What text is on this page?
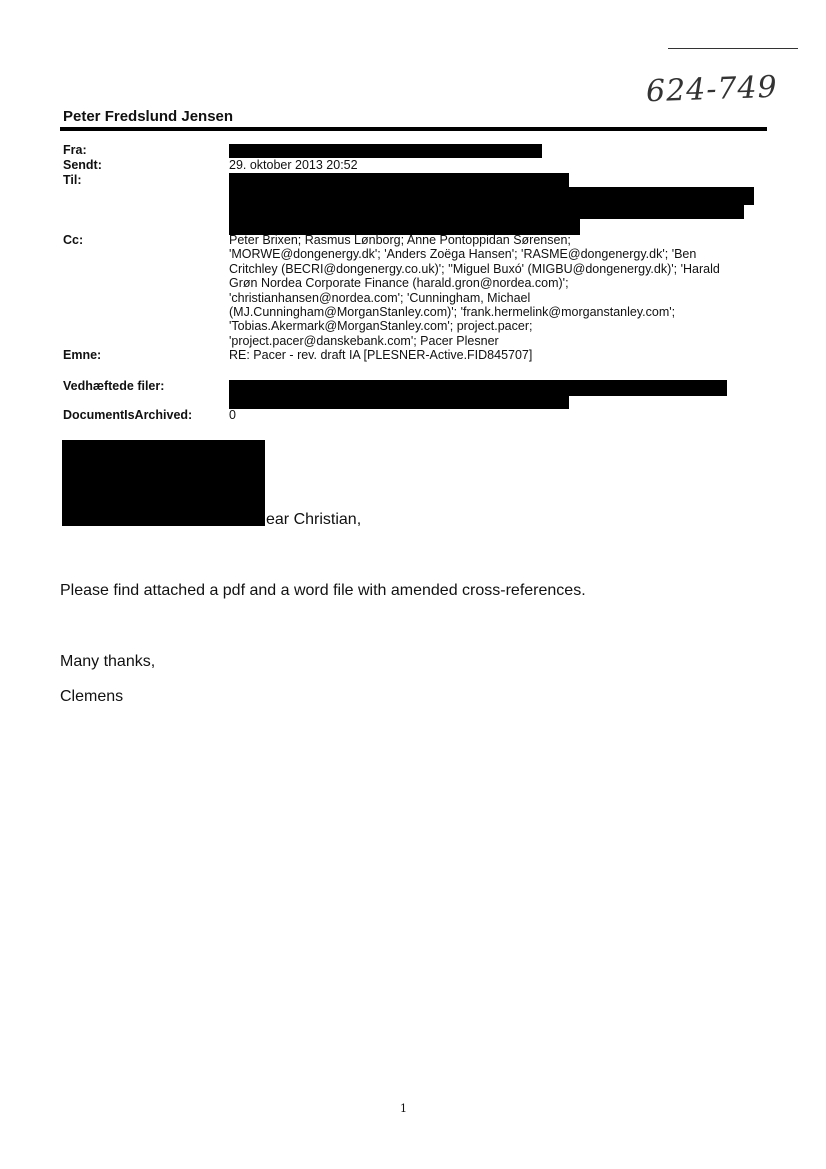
624-749
Peter Fredslund Jensen
Fra:
Sendt:
Til:
Cc:
Emne:
Vedhæftede filer:
DocumentIsArchived:
29. oktober 2013 20:52
Peter Brixen; Rasmus Lønborg; Anne Pontoppidan Sørensen;
'MORWE@dongenergy.dk'; 'Anders Zoëga Hansen'; 'RASME@dongenergy.dk'; 'Ben
Critchley (BECRI@dongenergy.co.uk)'; ''Miguel Buxó' (MIGBU@dongenergy.dk)'; 'Harald
Grøn Nordea Corporate Finance (harald.gron@nordea.com)';
'christianhansen@nordea.com'; 'Cunningham, Michael
(MJ.Cunningham@MorganStanley.com)'; 'frank.hermelink@morganstanley.com';
'Tobias.Akermark@MorganStanley.com'; project.pacer;
'project.pacer@danskebank.com'; Pacer Plesner
RE: Pacer - rev. draft IA [PLESNER-Active.FID845707]
0
ear Christian,
Please find attached a pdf and a word file with amended cross-references.
Many thanks,
Clemens
1
